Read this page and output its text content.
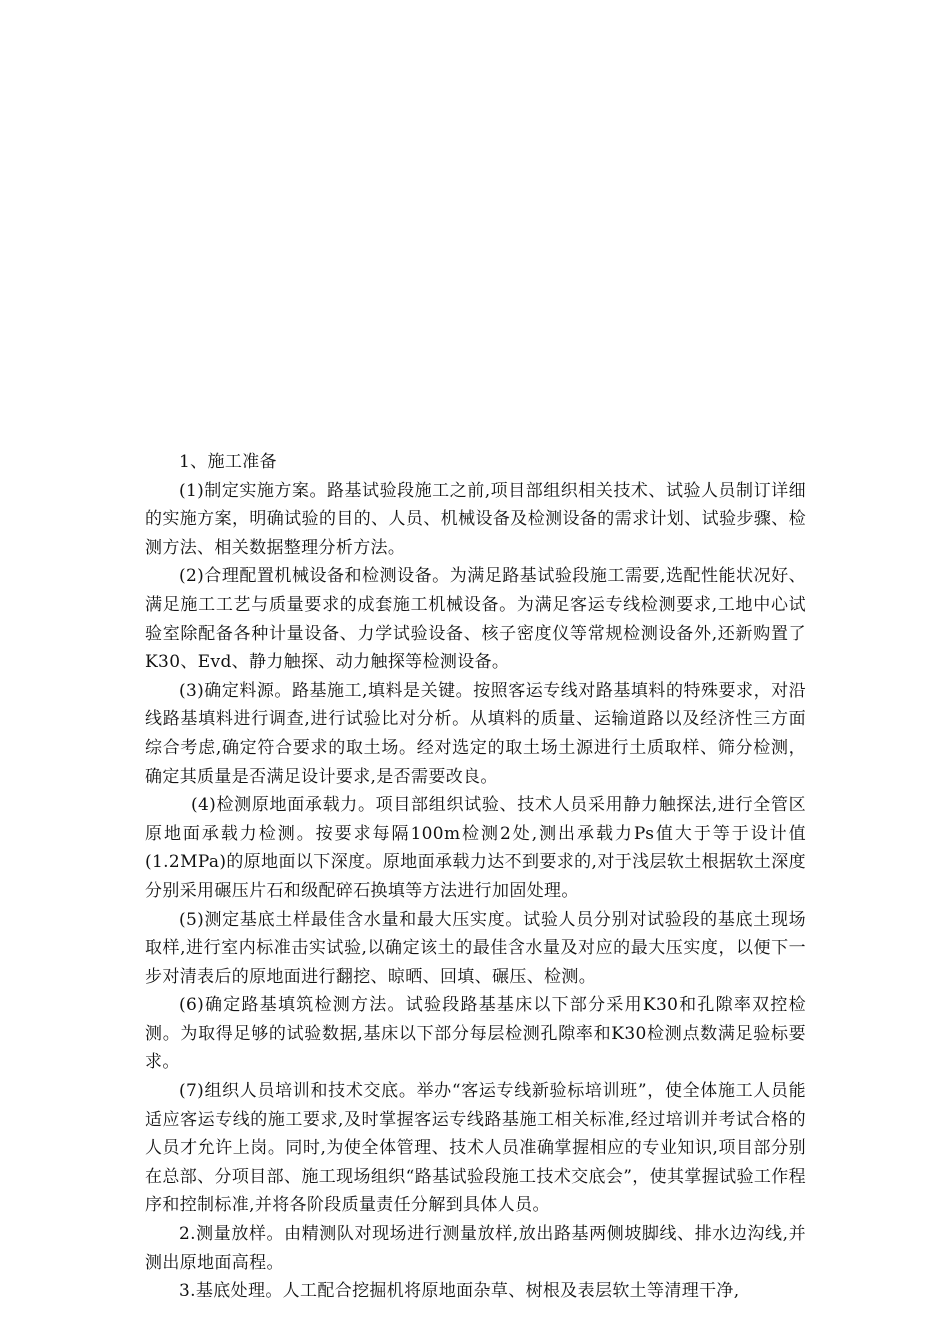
1、施工准备

(1)制定实施方案。路基试验段施工之前,项目部组织相关技术、试验人员制订详细的实施方案，明确试验的目的、人员、机械设备及检测设备的需求计划、试验步骤、检测方法、相关数据整理分析方法。

(2)合理配置机械设备和检测设备。为满足路基试验段施工需要,选配性能状况好、满足施工工艺与质量要求的成套施工机械设备。为满足客运专线检测要求,工地中心试验室除配备各种计量设备、力学试验设备、核子密度仪等常规检测设备外,还新购置了K30、Evd、静力触探、动力触探等检测设备。

(3)确定料源。路基施工,填料是关键。按照客运专线对路基填料的特殊要求，对沿线路基填料进行调查,进行试验比对分析。从填料的质量、运输道路以及经济性三方面综合考虑,确定符合要求的取土场。经对选定的取土场土源进行土质取样、筛分检测，确定其质量是否满足设计要求,是否需要改良。

(4)检测原地面承载力。项目部组织试验、技术人员采用静力触探法,进行全管区原地面承载力检测。按要求每隔100m检测2处,测出承载力Ps值大于等于设计值(1.2MPa)的原地面以下深度。原地面承载力达不到要求的,对于浅层软土根据软土深度分别采用碾压片石和级配碎石换填等方法进行加固处理。

(5)测定基底土样最佳含水量和最大压实度。试验人员分别对试验段的基底土现场取样,进行室内标准击实试验,以确定该土的最佳含水量及对应的最大压实度，以便下一步对清表后的原地面进行翻挖、晾晒、回填、碾压、检测。

(6)确定路基填筑检测方法。试验段路基基床以下部分采用K30和孔隙率双控检测。为取得足够的试验数据,基床以下部分每层检测孔隙率和K30检测点数满足验标要求。

(7)组织人员培训和技术交底。举办“客运专线新验标培训班”，使全体施工人员能适应客运专线的施工要求,及时掌握客运专线路基施工相关标准,经过培训并考试合格的人员才允许上岗。同时,为使全体管理、技术人员准确掌握相应的专业知识,项目部分别在总部、分项目部、施工现场组织“路基试验段施工技术交底会”，使其掌握试验工作程序和控制标准,并将各阶段质量责任分解到具体人员。

2.测量放样。由精测队对现场进行测量放样,放出路基两侧坡脚线、排水边沟线,并测出原地面高程。

3.基底处理。人工配合挖掘机将原地面杂草、树根及表层软土等清理干净,
